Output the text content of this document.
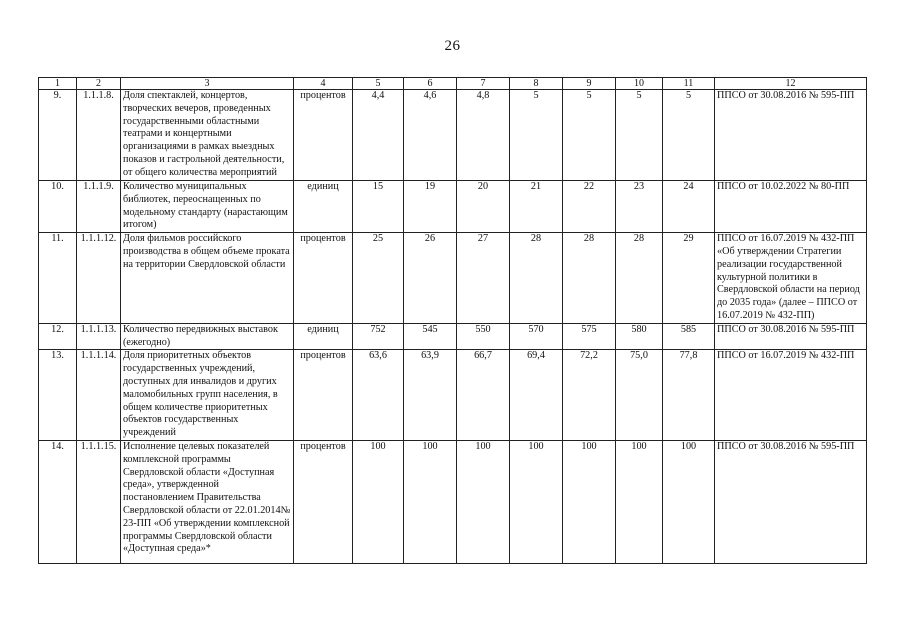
26
1	2	3	4	5	6	7	8	9	10	11	12
9.	1.1.1.8.	Доля спектаклей, концертов, творческих вечеров, проведенных государственными областными театрами и концертными организациями в рамках выездных показов и гастрольной деятельности, от общего количества мероприятий	процентов	4,4	4,6	4,8	5	5	5	5	ППСО от 30.08.2016 № 595-ПП
10.	1.1.1.9.	Количество муниципальных библиотек, переоснащенных по модельному стандарту (нарастающим итогом)	единиц	15	19	20	21	22	23	24	ППСО от 10.02.2022 № 80-ПП
11.	1.1.1.12.	Доля фильмов российского производства в общем объеме проката на территории Свердловской области	процентов	25	26	27	28	28	28	29	ППСО от 16.07.2019 № 432-ПП «Об утверждении Стратегии реализации государственной культурной политики в Свердловской области на период до 2035 года» (далее – ППСО от 16.07.2019 № 432-ПП)
12.	1.1.1.13.	Количество передвижных выставок (ежегодно)	единиц	752	545	550	570	575	580	585	ППСО от 30.08.2016 № 595-ПП
13.	1.1.1.14.	Доля приоритетных объектов государственных учреждений, доступных для инвалидов и других маломобильных групп населения, в общем количестве приоритетных объектов государственных учреждений	процентов	63,6	63,9	66,7	69,4	72,2	75,0	77,8	ППСО от 16.07.2019 № 432-ПП
14.	1.1.1.15.	Исполнение целевых показателей комплексной программы Свердловской области «Доступная среда», утвержденной постановлением Правительства Свердловской области от 22.01.2014№ 23-ПП «Об утверждении комплексной программы Свердловской области «Доступная среда»*	процентов	100	100	100	100	100	100	100	ППСО от 30.08.2016 № 595-ПП
